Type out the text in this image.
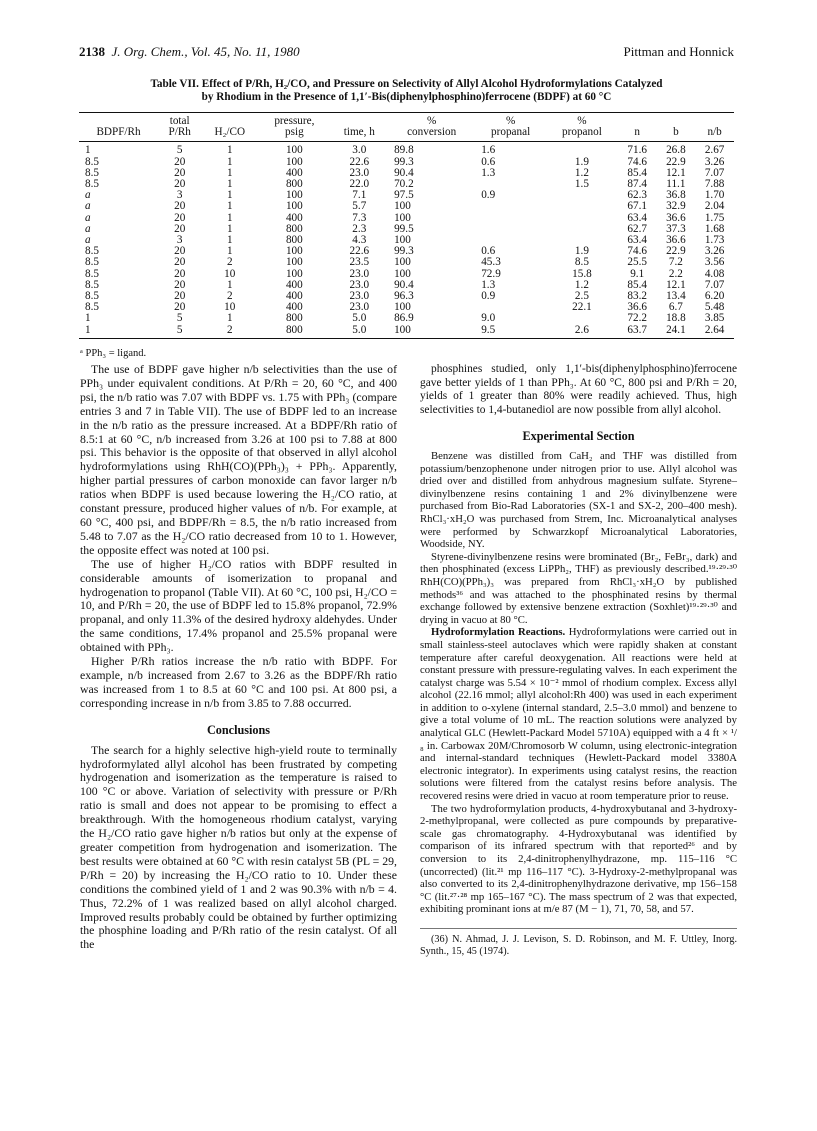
2138 J. Org. Chem., Vol. 45, No. 11, 1980	Pittman and Honnick
Table VII. Effect of P/Rh, H₂/CO, and Pressure on Selectivity of Allyl Alcohol Hydroformylations Catalyzed
by Rhodium in the Presence of 1,1′-Bis(diphenylphosphino)ferrocene (BDPF) at 60 °C
	total		pressure,		%	%	%			
BDPF/Rh	P/Rh	H₂/CO	psig	time, h	conversion	propanal	propanol	n	b	n/b
1	5	1	100	3.0	89.8	1.6		71.6	26.8	2.67
8.5	20	1	100	22.6	99.3	0.6	1.9	74.6	22.9	3.26
8.5	20	1	400	23.0	90.4	1.3	1.2	85.4	12.1	7.07
8.5	20	1	800	22.0	70.2		1.5	87.4	11.1	7.88
a	3	1	100	7.1	97.5	0.9		62.3	36.8	1.70
a	20	1	100	5.7	100			67.1	32.9	2.04
a	20	1	400	7.3	100			63.4	36.6	1.75
a	20	1	800	2.3	99.5			62.7	37.3	1.68
a	3	1	800	4.3	100			63.4	36.6	1.73
8.5	20	1	100	22.6	99.3	0.6	1.9	74.6	22.9	3.26
8.5	20	2	100	23.5	100	45.3	8.5	25.5	7.2	3.56
8.5	20	10	100	23.0	100	72.9	15.8	9.1	2.2	4.08
8.5	20	1	400	23.0	90.4	1.3	1.2	85.4	12.1	7.07
8.5	20	2	400	23.0	96.3	0.9	2.5	83.2	13.4	6.20
8.5	20	10	400	23.0	100		22.1	36.6	6.7	5.48
1	5	1	800	5.0	86.9	9.0		72.2	18.8	3.85
1	5	2	800	5.0	100	9.5	2.6	63.7	24.1	2.64
ᵃ PPh₃ = ligand.

The use of BDPF gave higher n/b selectivities than the use of PPh₃ under equivalent conditions. At P/Rh = 20, 60 °C, and 400 psi, the n/b ratio was 7.07 with BDPF vs. 1.75 with PPh₃ (compare entries 3 and 7 in Table VII). The use of BDPF led to an increase in the n/b ratio as the pressure increased. At a BDPF/Rh ratio of 8.5:1 at 60 °C, n/b increased from 3.26 at 100 psi to 7.88 at 800 psi. This behavior is the opposite of that observed in allyl alcohol hydroformylations using RhH(CO)(PPh₃)₃ + PPh₃. Apparently, higher partial pressures of carbon monoxide can favor larger n/b ratios when BDPF is used because lowering the H₂/CO ratio, at constant pressure, produced higher values of n/b. For example, at 60 °C, 400 psi, and BDPF/Rh = 8.5, the n/b ratio increased from 5.48 to 7.07 as the H₂/CO ratio decreased from 10 to 1. However, the opposite effect was noted at 100 psi.

The use of higher H₂/CO ratios with BDPF resulted in considerable amounts of isomerization to propanal and hydrogenation to propanol (Table VII). At 60 °C, 100 psi, H₂/CO = 10, and P/Rh = 20, the use of BDPF led to 15.8% propanol, 72.9% propanal, and only 11.3% of the desired hydroxy aldehydes. Under the same conditions, 17.4% propanol and 25.5% propanal were obtained with PPh₃.

Higher P/Rh ratios increase the n/b ratio with BDPF. For example, n/b increased from 2.67 to 3.26 as the BDPF/Rh ratio was increased from 1 to 8.5 at 60 °C and 100 psi. At 800 psi, a corresponding increase in n/b from 3.85 to 7.88 occurred.

Conclusions

The search for a highly selective high-yield route to terminally hydroformylated allyl alcohol has been frustrated by competing hydrogenation and isomerization as the temperature is raised to 100 °C or above. Variation of selectivity with pressure or P/Rh ratio is small and does not appear to be promising to effect a breakthrough. With the homogeneous rhodium catalyst, varying the H₂/CO ratio gave higher n/b ratios but only at the expense of greater competition from hydrogenation and isomerization. The best results were obtained at 60 °C with resin catalyst 5B (PL = 29, P/Rh = 20) by increasing the H₂/CO ratio to 10. Under these conditions the combined yield of 1 and 2 was 90.3% with n/b = 4. Thus, 72.2% of 1 was realized based on allyl alcohol charged. Improved results probably could be obtained by further optimizing the phosphine loading and P/Rh ratio of the resin catalyst. Of all the

phosphines studied, only 1,1′-bis(diphenylphosphino)ferrocene gave better yields of 1 than PPh₃. At 60 °C, 800 psi and P/Rh = 20, yields of 1 greater than 80% were readily achieved. Thus, high selectivities to 1,4-butanediol are now possible from allyl alcohol.

Experimental Section

Benzene was distilled from CaH₂ and THF was distilled from potassium/benzophenone under nitrogen prior to use. Allyl alcohol was dried over and distilled from anhydrous magnesium sulfate. Styrene–divinylbenzene resins containing 1 and 2% divinylbenzene were purchased from Bio-Rad Laboratories (SX-1 and SX-2, 200–400 mesh). RhCl₃·xH₂O was purchased from Strem, Inc. Microanalytical analyses were performed by Schwarzkopf Microanalytical Laboratories, Woodside, NY.

Styrene-divinylbenzene resins were brominated (Br₂, FeBr₃, dark) and then phosphinated (excess LiPPh₂, THF) as previously described.¹⁹·²⁹·³⁰ RhH(CO)(PPh₃)₃ was prepared from RhCl₃·xH₂O by published methods³⁶ and was attached to the phosphinated resins by thermal exchange followed by extensive benzene extraction (Soxhlet)¹⁹·²⁹·³⁰ and drying in vacuo at 80 °C.

Hydroformylation Reactions. Hydroformylations were carried out in small stainless-steel autoclaves which were rapidly shaken at constant temperature after careful deoxygenation. All reactions were held at constant pressure with pressure-regulating valves. In each experiment the catalyst charge was 5.54 × 10⁻² mmol of rhodium complex. Excess allyl alcohol (22.16 mmol; allyl alcohol:Rh 400) was used in each experiment in addition to o-xylene (internal standard, 2.5–3.0 mmol) and benzene to give a total volume of 10 mL. The reaction solutions were analyzed by analytical GLC (Hewlett-Packard Model 5710A) equipped with a 4 ft × ¹/₈ in. Carbowax 20M/Chromosorb W column, using electronic-integration and internal-standard techniques (Hewlett-Packard model 3380A electronic integrator). In experiments using catalyst resins, the reaction solutions were filtered from the catalyst resins before analysis. The recovered resins were dried in vacuo at room temperature prior to reuse.

The two hydroformylation products, 4-hydroxybutanal and 3-hydroxy-2-methylpropanal, were collected as pure compounds by preparative-scale gas chromatography. 4-Hydroxybutanal was identified by comparison of its infrared spectrum with that reported²⁶ and by conversion to its 2,4-dinitrophenylhydrazone, mp. 115–116 °C (uncorrected) (lit.²¹ mp 116–117 °C). 3-Hydroxy-2-methylpropanal was also converted to its 2,4-dinitrophenylhydrazone derivative, mp 156–158 °C (lit.²⁷·²⁸ mp 165–167 °C). The mass spectrum of 2 was that expected, exhibiting prominant ions at m/e 87 (M − 1), 71, 70, 58, and 57.

(36) N. Ahmad, J. J. Levison, S. D. Robinson, and M. F. Uttley, Inorg. Synth., 15, 45 (1974).
